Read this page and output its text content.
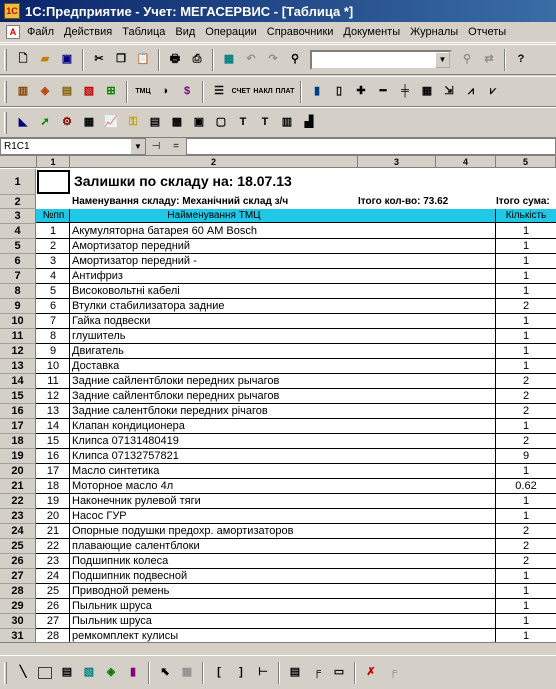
1C 1С:Предприятие - Учет: МЕГАСЕРВИС - [Таблица *]
A Файл Действия Таблица Вид Операции Справочники Документы Журналы Отчеты
🗋	▰	▣	✂	❐ 📋	🖶	⎙	▦	↶	↷	⚲	▼	⚲	⇄	?
▥	◈	▤	▧	⊞	ТМЦ	◑	$	☰	СЧЕТ НАКЛ ПЛАТ	▮	▯	✚	━	╪	▦	⇲	⩘	⩗
◣	➚	⚙	▦ 📈 ⚿	▤	▩	▣	▢	T	T	▥	▟
R1C1	▼ ⊣	=
1	2	3	4	5
1
2
3
Залишки по складу на: 18.07.13
Наменування складу: Механічний склад з/ч	Ітого кол-во: 73.62	Ітого сума:
№пп	Найменування ТМЦ	Кількість
4	1	Акумуляторна батарея 60 AM Bosch	1
5	2	Амортизатор передний	1
6	3	Амортизатор передний -	1
7	4	Антифриз	1
8	5	Високовольтні кабелі	1
9	6	Втулки стабилизатора задние	2
10	7	Гайка подвески	1
11	8	глушитель	1
12	9	Двигатель	1
13	10	Доставка	1
14	11	Задние сайлентблоки передних рычагов	2
15	12	Задние сайлентблоки передних рычагов	2
16	13	Задние салентблоки передних річагов	2
17	14	Клапан кондиционера	1
18	15	Клипса 07131480419	2
19	16	Клипса 07132757821	9
20	17	Масло синтетика	1
21	18	Моторное масло 4л	0.62
22	19	Наконечник рулевой тяги	1
23	20	Насос ГУР	1
24	21	Опорные подушки предохр. амортизаторов	2
25	22	плавающие салентблоки	2
26	23	Подшипник колеса	2
27	24	Подшипник подвесной	1
28	25	Приводной ремень	1
29	26	Пыльник шруса	1
30	27	Пыльник шруса	1
31	28	ремкомплект кулисы	1
╲	▤	▧	◈	▮	⬉	▦	[	]	⊢	▤	╒	▭	✗	╒
